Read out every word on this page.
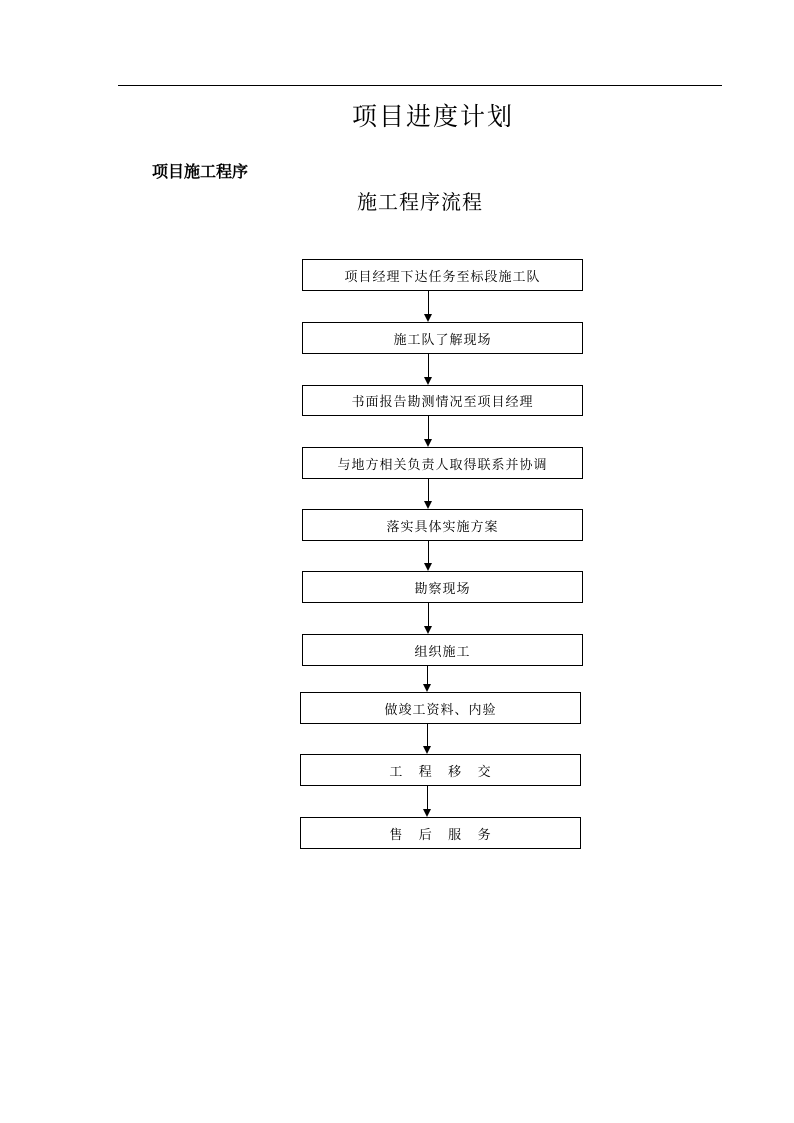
项目进度计划
项目施工程序
施工程序流程
项目经理下达任务至标段施工队
施工队了解现场
书面报告勘测情况至项目经理
与地方相关负责人取得联系并协调
落实具体实施方案
勘察现场
组织施工
做竣工资料、内验
工   程   移   交
售   后   服   务
